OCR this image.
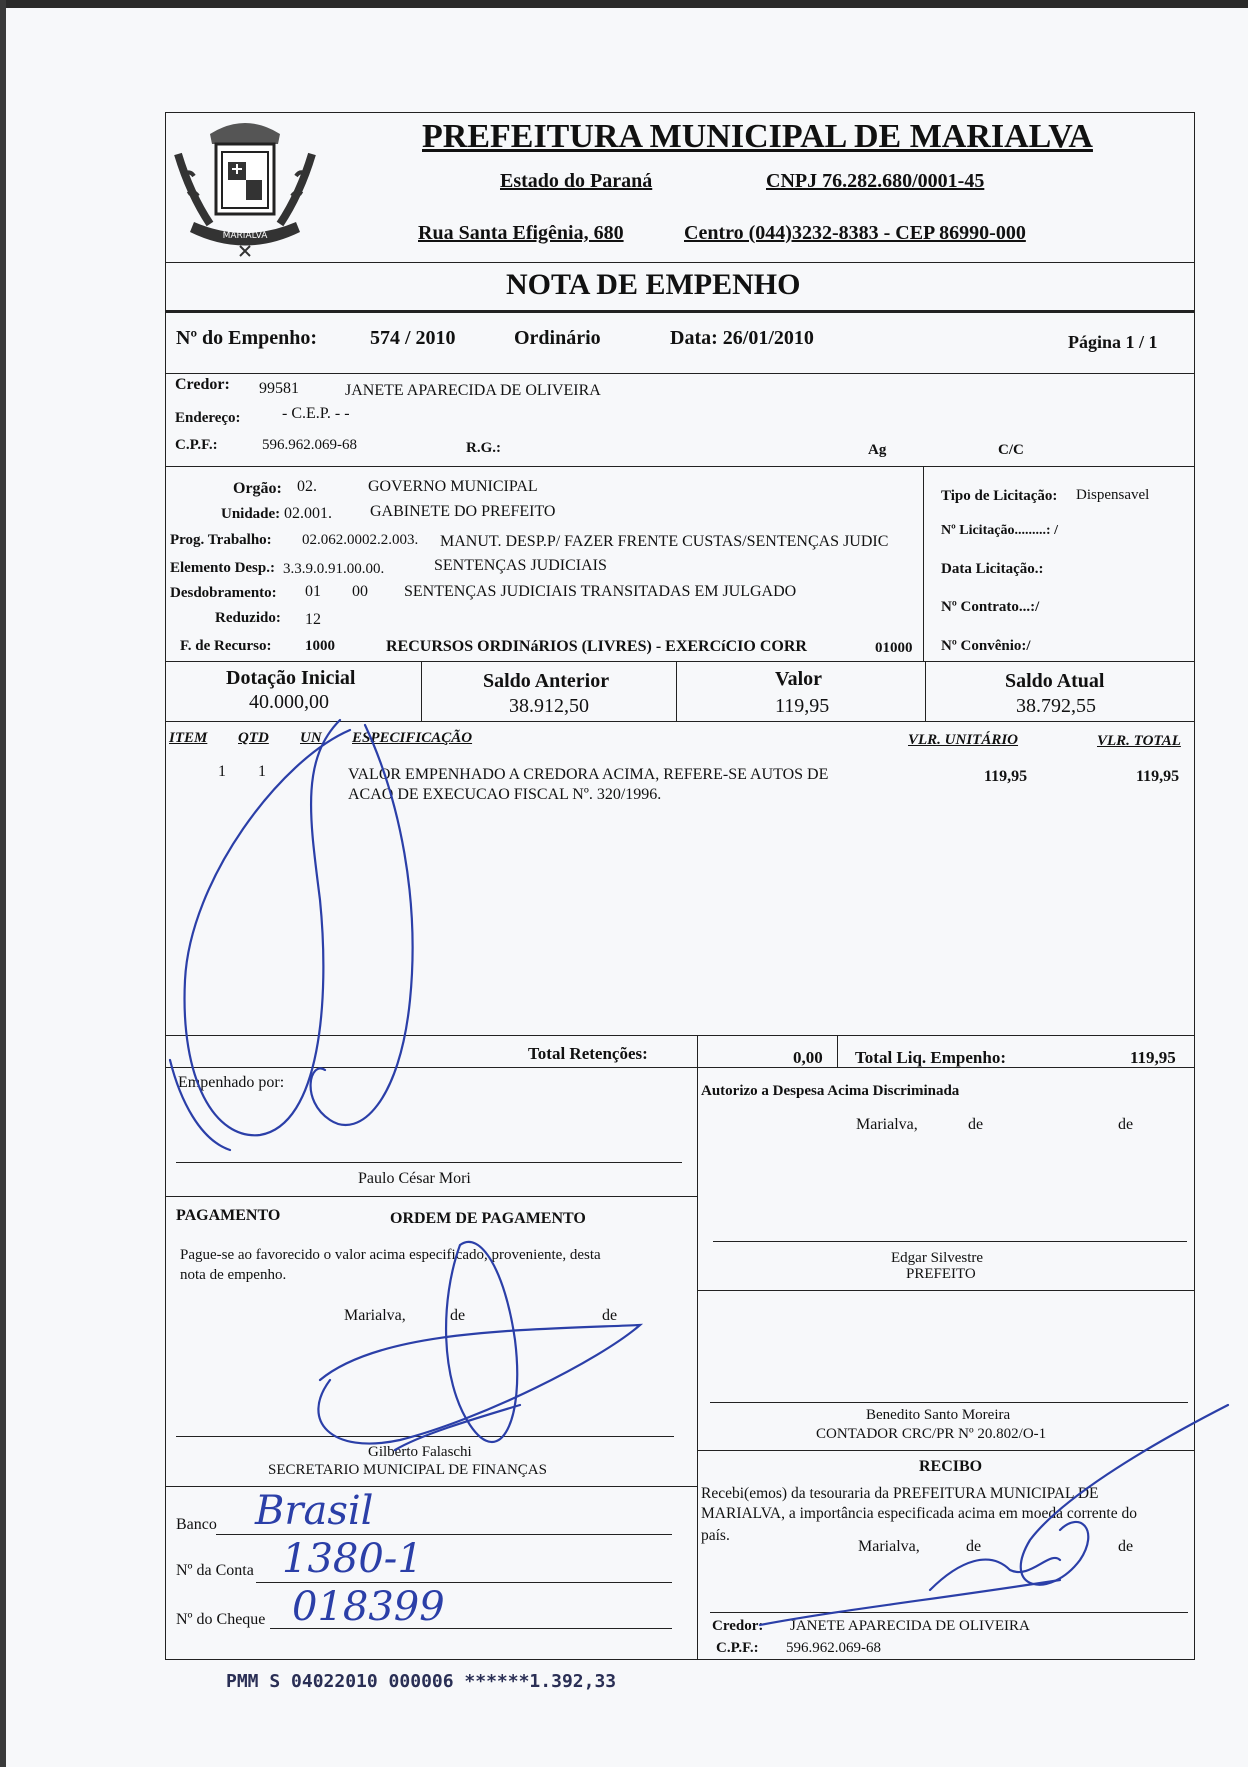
MARIALVA
PREFEITURA MUNICIPAL DE MARIALVA
Estado do Paraná	CNPJ 76.282.680/0001-45
Rua Santa Efigênia, 680	Centro (044)3232-8383 - CEP 86990-000
NOTA DE EMPENHO
Nº do Empenho:	574 / 2010	Ordinário	Data: 26/01/2010	Página 1 / 1
Credor: 99581	JANETE APARECIDA DE OLIVEIRA
Endereço:	- C.E.P. - -
C.P.F.:	596.962.069-68	R.G.:	Ag	C/C
Orgão: 02.	GOVERNO MUNICIPAL
Unidade: 02.001. GABINETE DO PREFEITO
Prog. Trabalho: 02.062.0002.2.003. MANUT. DESP.P/ FAZER FRENTE CUSTAS/SENTENÇAS JUDIC
Elemento Desp.: 3.3.9.0.91.00.00.	SENTENÇAS JUDICIAIS
Desdobramento: 01 00 SENTENÇAS JUDICIAIS TRANSITADAS EM JULGADO
Reduzido: 12
F. de Recurso: 1000	RECURSOS ORDINáRIOS (LIVRES) - EXERCíCIO CORR	01000
Tipo de Licitação: Dispensavel
Nº Licitação.........: /
Data Licitação.:
Nº Contrato...:/
Nº Convênio:/
Dotação Inicial
40.000,00
Saldo Anterior
38.912,50
Valor
119,95
Saldo Atual
38.792,55
ITEM QTD UN ESPECIFICAÇÃO	VLR. UNITÁRIO	VLR. TOTAL
1 1	VALOR EMPENHADO A CREDORA ACIMA, REFERE-SE AUTOS DE
ACAO DE EXECUCAO FISCAL Nº. 320/1996.
119,95	119,95
Total Retenções:	0,00 Total Liq. Empenho:	119,95
Empenhado por:
Paulo César Mori
Autorizo a Despesa Acima Discriminada
Marialva,	de	de
Edgar Silvestre
PREFEITO
PAGAMENTO	ORDEM DE PAGAMENTO
Pague-se ao favorecido o valor acima especificado, proveniente, desta
nota de empenho.
Marialva,	de	de
Gilberto Falaschi
SECRETARIO MUNICIPAL DE FINANÇAS
Benedito Santo Moreira
CONTADOR CRC/PR Nº 20.802/O-1
Banco Brasil
Nº da Conta 1380-1
Nº do Cheque 018399
RECIBO
Recebi(emos) da tesouraria da PREFEITURA MUNICIPAL DE
MARIALVA, a importância especificada acima em moeda corrente do
país.
Marialva,	de	de
Credor: JANETE APARECIDA DE OLIVEIRA
C.P.F.: 596.962.069-68
PMM S 04022010 000006 ******1.392,33
